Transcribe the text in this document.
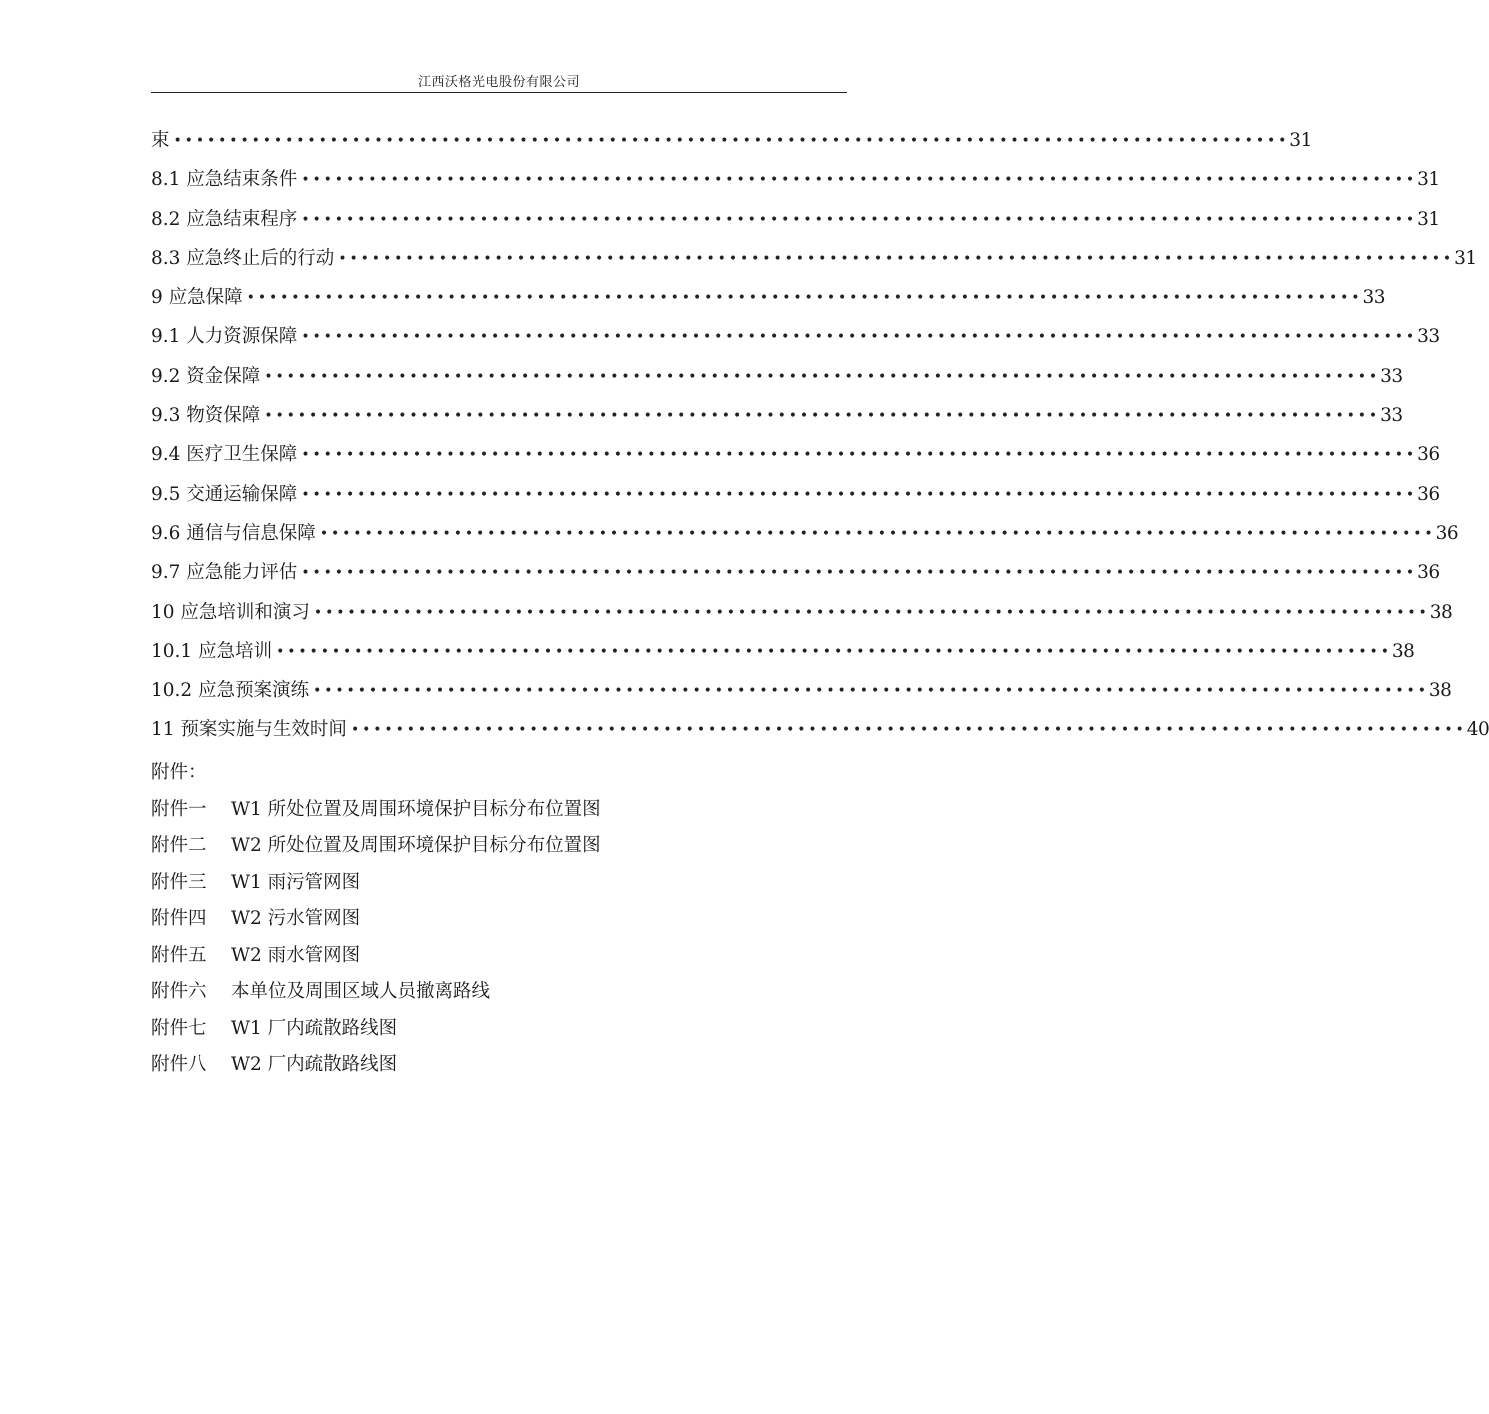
江西沃格光电股份有限公司
束 •••••••••••••••••••••••••••••••••••••••••••••••••••••••••••••••••••••••••••••••••••••••••••••••••••• 31
8.1 应急结束条件 •••••••••••••••••••••••••••••••••••••••••••••••••••••••••••••••••••••••••••••••••••••••••••••••••••• 31
8.2 应急结束程序 •••••••••••••••••••••••••••••••••••••••••••••••••••••••••••••••••••••••••••••••••••••••••••••••••••• 31
8.3 应急终止后的行动 •••••••••••••••••••••••••••••••••••••••••••••••••••••••••••••••••••••••••••••••••••••••••••••••••••• 31
9 应急保障 •••••••••••••••••••••••••••••••••••••••••••••••••••••••••••••••••••••••••••••••••••••••••••••••••••• 33
9.1 人力资源保障 •••••••••••••••••••••••••••••••••••••••••••••••••••••••••••••••••••••••••••••••••••••••••••••••••••• 33
9.2 资金保障 •••••••••••••••••••••••••••••••••••••••••••••••••••••••••••••••••••••••••••••••••••••••••••••••••••• 33
9.3 物资保障 •••••••••••••••••••••••••••••••••••••••••••••••••••••••••••••••••••••••••••••••••••••••••••••••••••• 33
9.4 医疗卫生保障 •••••••••••••••••••••••••••••••••••••••••••••••••••••••••••••••••••••••••••••••••••••••••••••••••••• 36
9.5 交通运输保障 •••••••••••••••••••••••••••••••••••••••••••••••••••••••••••••••••••••••••••••••••••••••••••••••••••• 36
9.6 通信与信息保障 •••••••••••••••••••••••••••••••••••••••••••••••••••••••••••••••••••••••••••••••••••••••••••••••••••• 36
9.7 应急能力评估 •••••••••••••••••••••••••••••••••••••••••••••••••••••••••••••••••••••••••••••••••••••••••••••••••••• 36
10 应急培训和演习 •••••••••••••••••••••••••••••••••••••••••••••••••••••••••••••••••••••••••••••••••••••••••••••••••••• 38
10.1 应急培训 •••••••••••••••••••••••••••••••••••••••••••••••••••••••••••••••••••••••••••••••••••••••••••••••••••• 38
10.2 应急预案演练 •••••••••••••••••••••••••••••••••••••••••••••••••••••••••••••••••••••••••••••••••••••••••••••••••••• 38
11 预案实施与生效时间 •••••••••••••••••••••••••••••••••••••••••••••••••••••••••••••••••••••••••••••••••••••••••••••••••••• 40
附件：
附件一 W1 所处位置及周围环境保护目标分布位置图
附件二 W2 所处位置及周围环境保护目标分布位置图
附件三 W1 雨污管网图
附件四 W2 污水管网图
附件五 W2 雨水管网图
附件六 本单位及周围区域人员撤离路线
附件七 W1 厂内疏散路线图
附件八 W2 厂内疏散路线图
